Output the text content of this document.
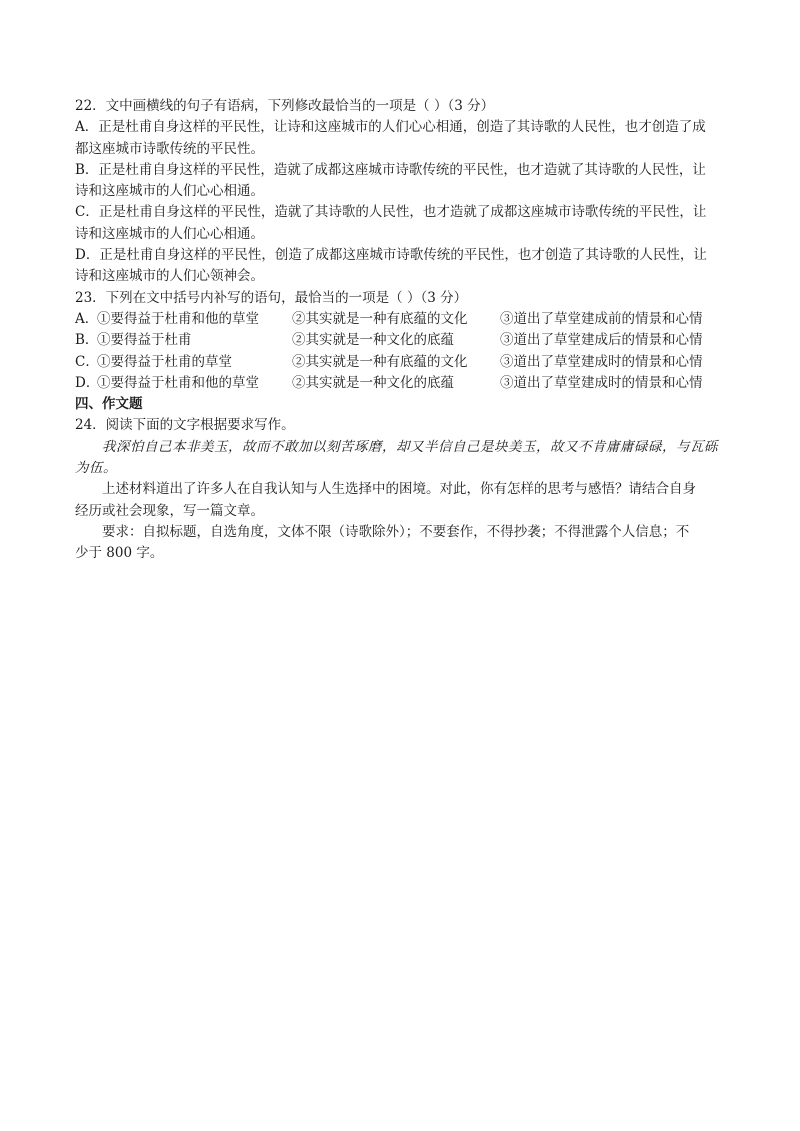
22．文中画横线的句子有语病，下列修改最恰当的一项是（ ）（3 分）
A．正是杜甫自身这样的平民性，让诗和这座城市的人们心心相通，创造了其诗歌的人民性，也才创造了成
都这座城市诗歌传统的平民性。
B．正是杜甫自身这样的平民性，造就了成都这座城市诗歌传统的平民性，也才造就了其诗歌的人民性，让
诗和这座城市的人们心心相通。
C．正是杜甫自身这样的平民性，造就了其诗歌的人民性，也才造就了成都这座城市诗歌传统的平民性，让
诗和这座城市的人们心心相通。
D．正是杜甫自身这样的平民性，创造了成都这座城市诗歌传统的平民性，也才创造了其诗歌的人民性，让
诗和这座城市的人们心领神会。
23．下列在文中括号内补写的语句，最恰当的一项是（ ）（3 分）
A．
①要得益于杜甫和他的草堂	②其实就是一种有底蕴的文化	③道出了草堂建成前的情景和心情
B．
①要得益于杜甫	②其实就是一种文化的底蕴	③道出了草堂建成后的情景和心情
C．
①要得益于杜甫的草堂	②其实就是一种有底蕴的文化	③道出了草堂建成时的情景和心情
D．
①要得益于杜甫和他的草堂	②其实就是一种文化的底蕴	③道出了草堂建成时的情景和心情
四、作文题
24．阅读下面的文字根据要求写作。
我深怕自己本非美玉，故而不敢加以刻苦琢磨，却又半信自己是块美玉，故又不肯庸庸碌碌，与瓦砾
为伍。
上述材料道出了许多人在自我认知与人生选择中的困境。对此，你有怎样的思考与感悟？请结合自身
经历或社会现象，写一篇文章。
要求：自拟标题，自选角度，文体不限（诗歌除外）；不要套作，不得抄袭；不得泄露个人信息；不
少于 800 字。
